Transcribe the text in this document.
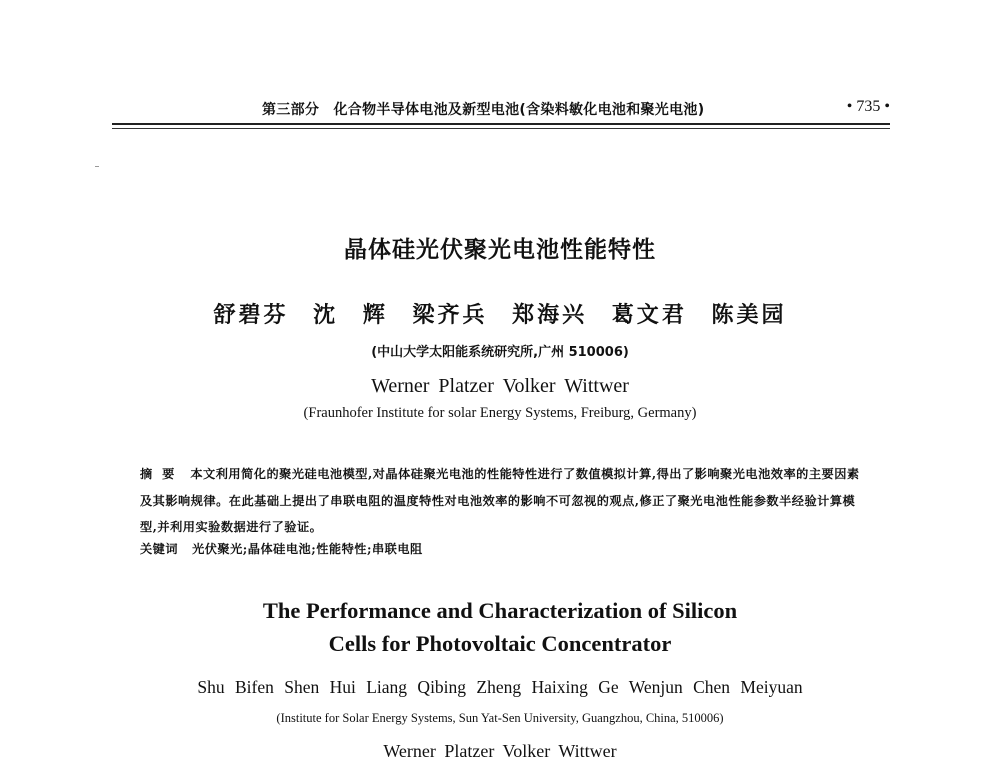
第三部分　化合物半导体电池及新型电池(含染料敏化电池和聚光电池)	• 735 •
晶体硅光伏聚光电池性能特性
舒碧芬 沈 辉 梁齐兵 郑海兴 葛文君 陈美园
(中山大学太阳能系统研究所,广州 510006)
Werner Platzer Volker Wittwer
(Fraunhofer Institute for solar Energy Systems, Freiburg, Germany)
摘要 本文利用简化的聚光硅电池模型,对晶体硅聚光电池的性能特性进行了数值模拟计算,得出了影响聚光电池效率的主要因素及其影响规律。在此基础上提出了串联电阻的温度特性对电池效率的影响不可忽视的观点,修正了聚光电池性能参数半经验计算模型,并利用实验数据进行了验证。
关键词 光伏聚光;晶体硅电池;性能特性;串联电阻
The Performance and Characterization of Silicon
Cells for Photovoltaic Concentrator
Shu Bifen Shen Hui Liang Qibing Zheng Haixing Ge Wenjun Chen Meiyuan
(Institute for Solar Energy Systems, Sun Yat-Sen University, Guangzhou, China, 510006)
Werner Platzer Volker Wittwer
